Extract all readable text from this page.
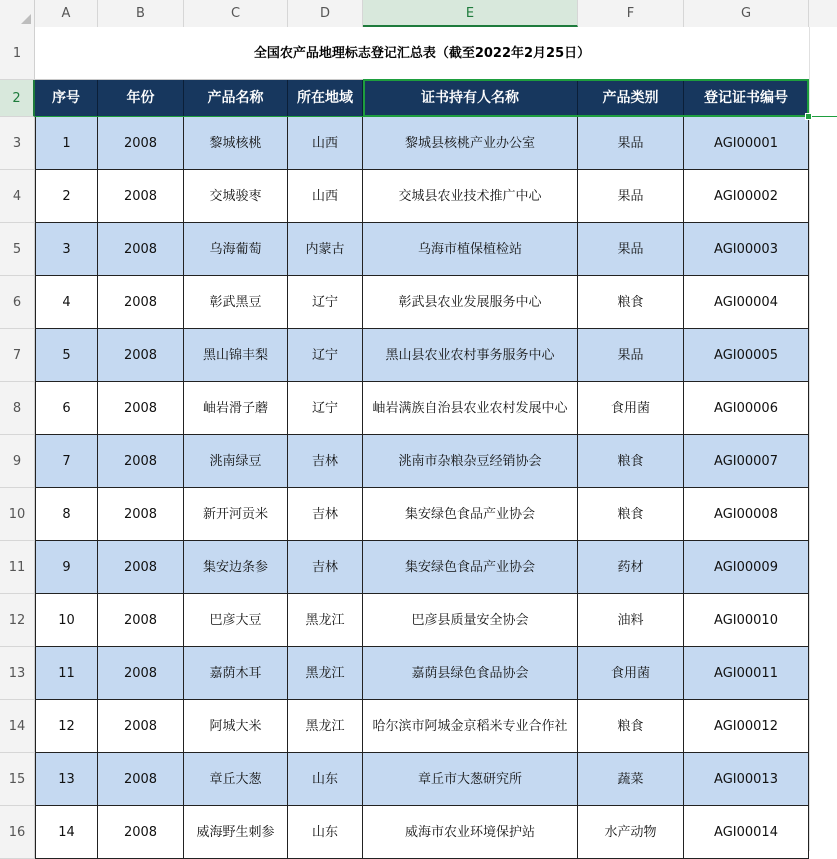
A	B	C	D	E	F	G
1
2
3
4
5
6
7
8
9
10
11
12
13
14
15
16
全国农产品地理标志登记汇总表（截至2022年2月25日）
序号	年份	产品名称	所在地域	证书持有人名称	产品类别	登记证书编号
1	2008	黎城核桃	山西	黎城县核桃产业办公室	果品	AGI00001
2	2008	交城骏枣	山西	交城县农业技术推广中心	果品	AGI00002
3	2008	乌海葡萄	内蒙古	乌海市植保植检站	果品	AGI00003
4	2008	彰武黑豆	辽宁	彰武县农业发展服务中心	粮食	AGI00004
5	2008	黑山锦丰梨	辽宁	黑山县农业农村事务服务中心	果品	AGI00005
6	2008	岫岩滑子蘑	辽宁	岫岩满族自治县农业农村发展中心	食用菌	AGI00006
7	2008	洮南绿豆	吉林	洮南市杂粮杂豆经销协会	粮食	AGI00007
8	2008	新开河贡米	吉林	集安绿色食品产业协会	粮食	AGI00008
9	2008	集安边条参	吉林	集安绿色食品产业协会	药材	AGI00009
10	2008	巴彦大豆	黑龙江	巴彦县质量安全协会	油料	AGI00010
11	2008	嘉荫木耳	黑龙江	嘉荫县绿色食品协会	食用菌	AGI00011
12	2008	阿城大米	黑龙江	哈尔滨市阿城金京稻米专业合作社	粮食	AGI00012
13	2008	章丘大葱	山东	章丘市大葱研究所	蔬菜	AGI00013
14	2008	威海野生刺参	山东	威海市农业环境保护站	水产动物	AGI00014
